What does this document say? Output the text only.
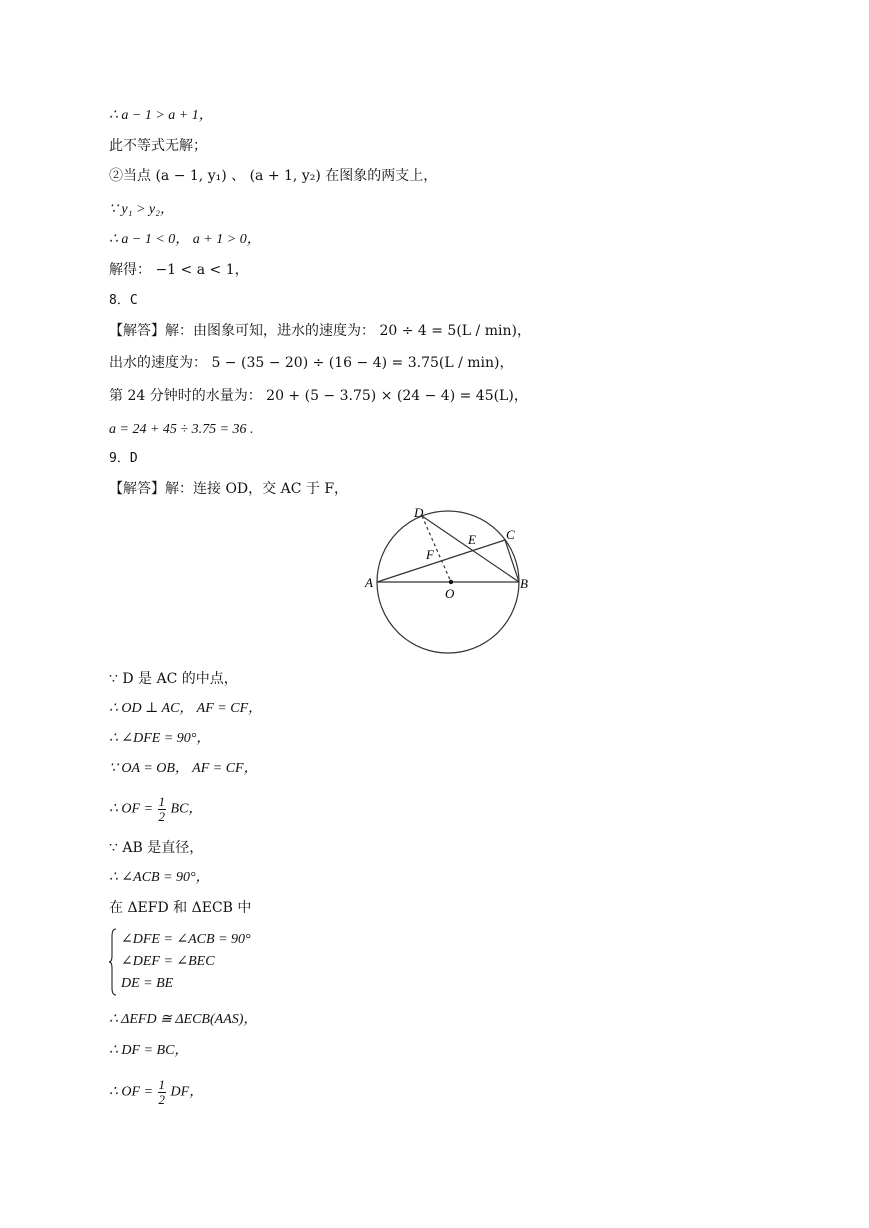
∴ a − 1 > a + 1，
此不等式无解；
②当点 (a − 1, y₁) 、 (a + 1, y₂) 在图象的两支上，
∵ y₁ > y₂，
∴ a − 1 < 0， a + 1 > 0，
解得： −1 < a < 1，
8．C
【解答】解：由图象可知，进水的速度为： 20 ÷ 4 = 5(L / min)，
出水的速度为： 5 − (35 − 20) ÷ (16 − 4) = 3.75(L / min)，
第 24 分钟时的水量为： 20 + (5 − 3.75) × (24 − 4) = 45(L)，
a = 24 + 45 ÷ 3.75 = 36 .
9．D
【解答】解：连接 OD，交 AC 于 F，
D
C
E
F
A	B
O
∵ D 是 AC 的中点，
∴ OD ⊥ AC， AF = CF，
∴ ∠DFE = 90°，
∵ OA = OB， AF = CF，
∴ OF = $\frac{1}{2}$ BC，
∵ AB 是直径，
∴ ∠ACB = 90°，
在 ΔEFD 和 ΔECB 中
∠DFE = ∠ACB = 90°
∠DEF = ∠BEC
DE = BE
∴ ΔEFD ≅ ΔECB(AAS)，
∴ DF = BC，
∴ OF = $\frac{1}{2}$ DF，
